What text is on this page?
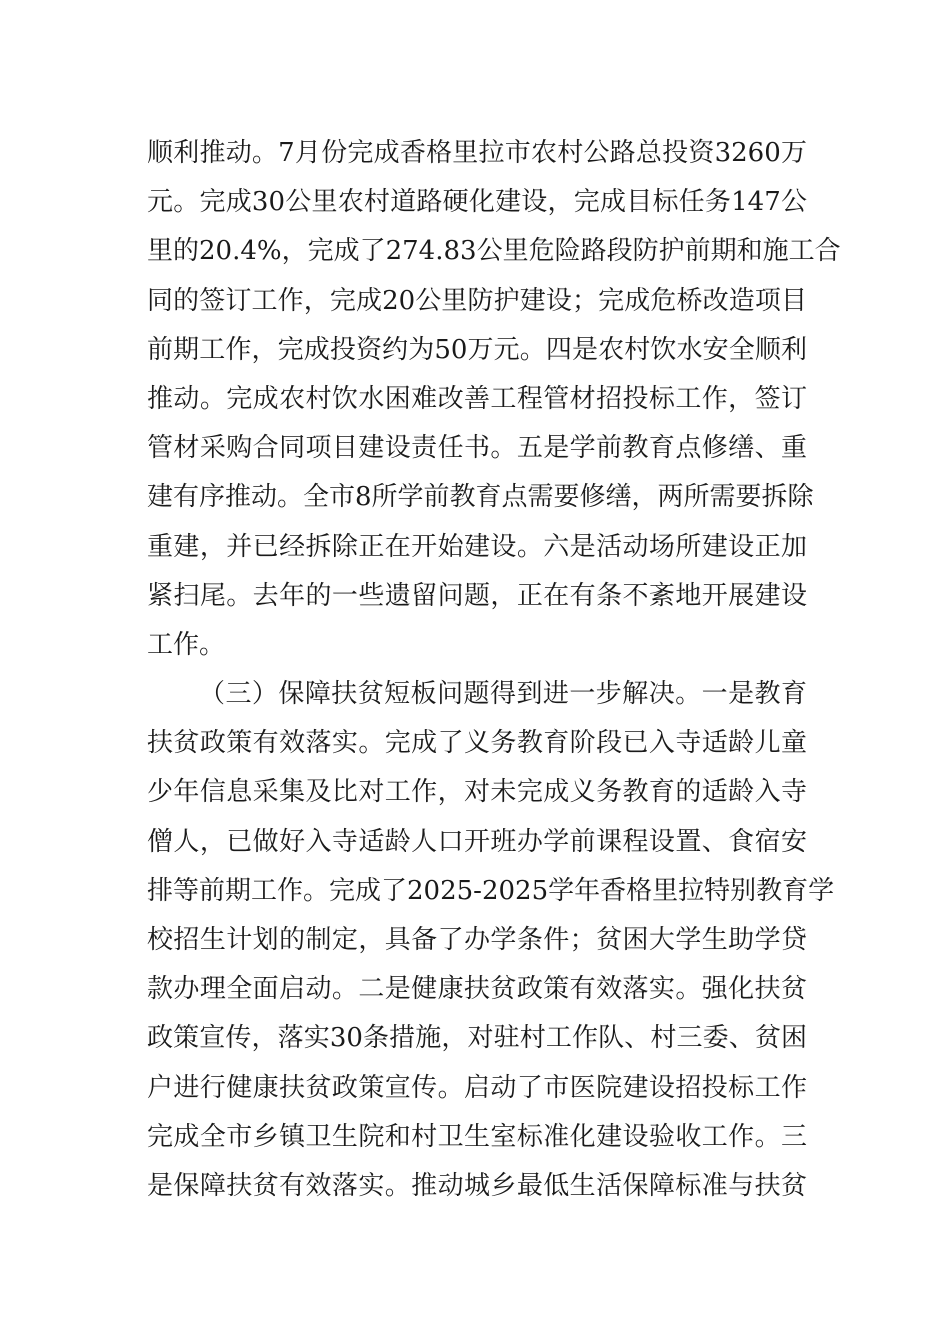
顺利推动。7月份完成香格里拉市农村公路总投资3260万
元。完成30公里农村道路硬化建设，完成目标任务147公
里的20.4%，完成了274.83公里危险路段防护前期和施工合
同的签订工作，完成20公里防护建设；完成危桥改造项目
前期工作，完成投资约为50万元。四是农村饮水安全顺利
推动。完成农村饮水困难改善工程管材招投标工作，签订
管材采购合同项目建设责任书。五是学前教育点修缮、重
建有序推动。全市8所学前教育点需要修缮，两所需要拆除
重建，并已经拆除正在开始建设。六是活动场所建设正加
紧扫尾。去年的一些遗留问题，正在有条不紊地开展建设
工作。
（三）保障扶贫短板问题得到进一步解决。一是教育
扶贫政策有效落实。完成了义务教育阶段已入寺适龄儿童
少年信息采集及比对工作，对未完成义务教育的适龄入寺
僧人，已做好入寺适龄人口开班办学前课程设置、食宿安
排等前期工作。完成了2025-2025学年香格里拉特别教育学
校招生计划的制定，具备了办学条件；贫困大学生助学贷
款办理全面启动。二是健康扶贫政策有效落实。强化扶贫
政策宣传，落实30条措施，对驻村工作队、村三委、贫困
户进行健康扶贫政策宣传。启动了市医院建设招投标工作
完成全市乡镇卫生院和村卫生室标准化建设验收工作。三
是保障扶贫有效落实。推动城乡最低生活保障标准与扶贫
